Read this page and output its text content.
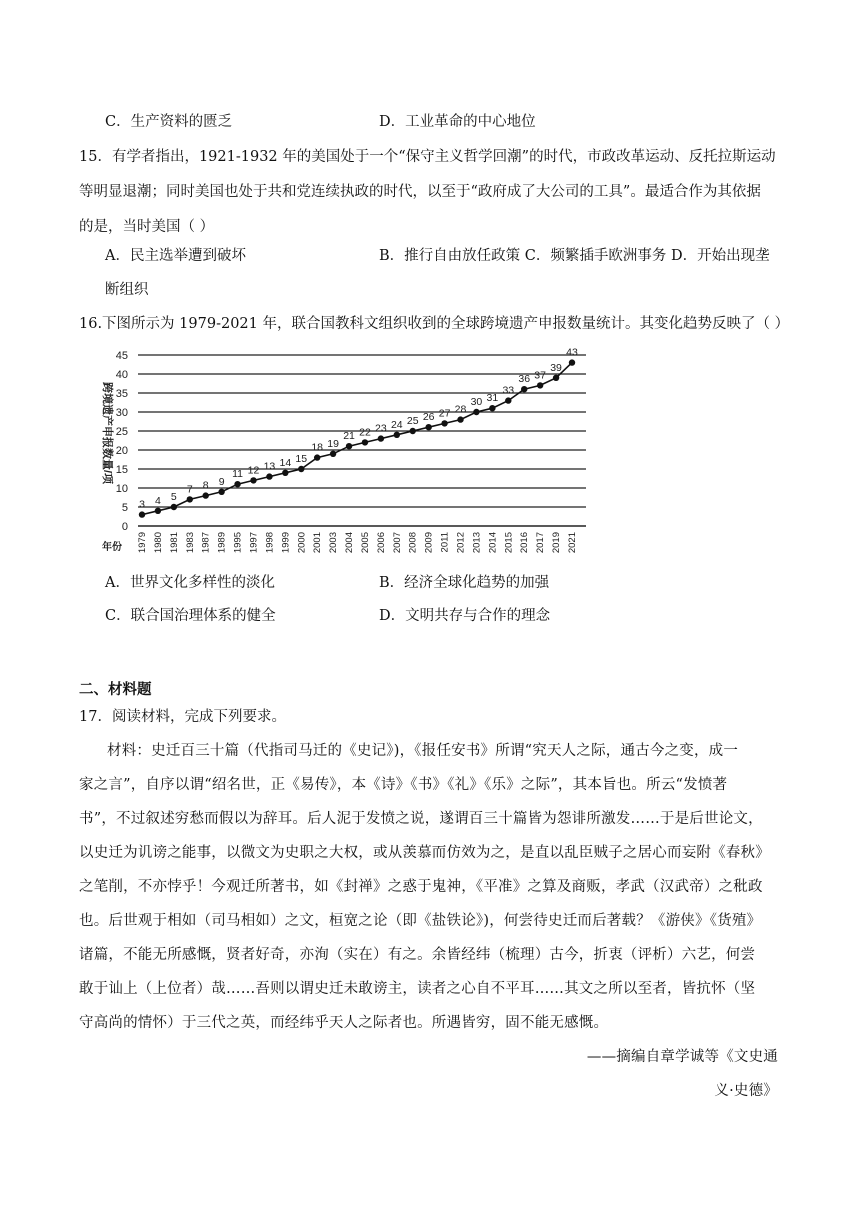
C．生产资料的匮乏	D．工业革命的中心地位
15．有学者指出，1921-1932 年的美国处于一个“保守主义哲学回潮”的时代，市政改革运动、反托拉斯运动
等明显退潮；同时美国也处于共和党连续执政的时代，以至于“政府成了大公司的工具”。最适合作为其依据
的是，当时美国（ ）
A．民主选举遭到破坏	B．推行自由放任政策 C．频繁插手欧洲事务 D．开始出现垄
断组织
16.下图所示为 1979-2021 年，联合国教科文组织收到的全球跨境遗产申报数量统计。其变化趋势反映了（ ）
0
5
10
15
20
25
30
35
40
45
跨境遗产申报数量/项
年份 1979 1980 1981 1983 1987 1989 1995 1997 1998 1999 2000 2001 2003 2004 2005 2006 2007 2008 2009 2011 2012 2013 2014 2015 2016 2017 2019 2021
3 4 5
7 8 9
11 12 13 14 15
18 19
21 22 23 24 25 26 27 28
30 31
33
36 37
39
43
A．世界文化多样性的淡化	B．经济全球化趋势的加强
C．联合国治理体系的健全	D．文明共存与合作的理念
二、材料题
17．阅读材料，完成下列要求。
材料：史迁百三十篇（代指司马迁的《史记》)，《报任安书》所谓“究天人之际，通古今之变，成一
家之言”，自序以谓“绍名世，正《易传》，本《诗》《书》《礼》《乐》之际”，其本旨也。所云“发愤著
书”，不过叙述穷愁而假以为辞耳。后人泥于发愤之说，遂谓百三十篇皆为怨诽所激发……于是后世论文，
以史迁为讥谤之能事，以微文为史职之大权，或从羡慕而仿效为之，是直以乱臣贼子之居心而妄附《春秋》
之笔削，不亦悖乎！今观迁所著书，如《封禅》之惑于鬼神，《平准》之算及商贩，孝武（汉武帝）之秕政
也。后世观于相如（司马相如）之文，桓宽之论（即《盐铁论》)，何尝待史迁而后著载？《游侠》《货殖》
诸篇，不能无所感慨，贤者好奇，亦洵（实在）有之。余皆经纬（梳理）古今，折衷（评析）六艺，何尝
敢于讪上（上位者）哉……吾则以谓史迁未敢谤主，读者之心自不平耳……其文之所以至者，皆抗怀（坚
守高尚的情怀）于三代之英，而经纬乎天人之际者也。所遇皆穷，固不能无感慨。
——摘编自章学诚等《文史通
义·史德》
